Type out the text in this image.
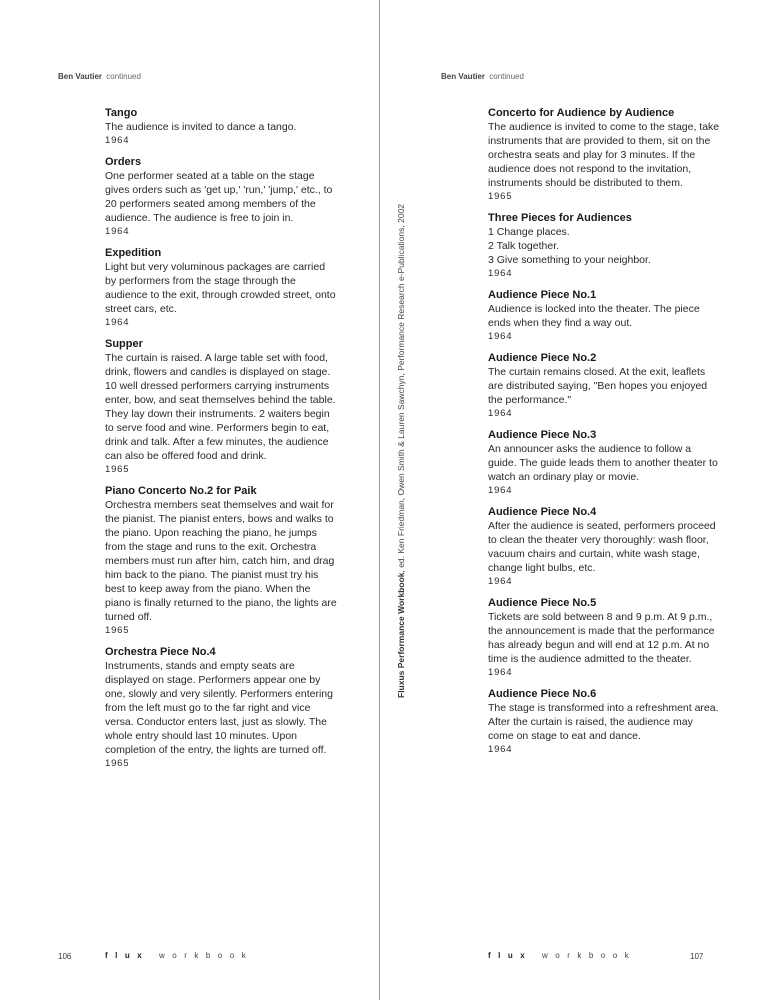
Ben Vautier continued	Ben Vautier continued
Tango
The audience is invited to dance a tango.
1964
Orders
One performer seated at a table on the stage gives orders such as 'get up,' 'run,' 'jump,' etc., to 20 performers seated among members of the audience. The audience is free to join in.
1964
Expedition
Light but very voluminous packages are carried by performers from the stage through the audience to the exit, through crowded street, onto street cars, etc.
1964
Supper
The curtain is raised. A large table set with food, drink, flowers and candles is displayed on stage. 10 well dressed performers carrying instruments enter, bow, and seat themselves behind the table. They lay down their instruments. 2 waiters begin to serve food and wine. Performers begin to eat, drink and talk. After a few minutes, the audience can also be offered food and drink.
1965
Piano Concerto No.2 for Paik
Orchestra members seat themselves and wait for the pianist. The pianist enters, bows and walks to the piano. Upon reaching the piano, he jumps from the stage and runs to the exit. Orchestra members must run after him, catch him, and drag him back to the piano. The pianist must try his best to keep away from the piano. When the piano is finally returned to the piano, the lights are turned off.
1965
Orchestra Piece No.4
Instruments, stands and empty seats are displayed on stage. Performers appear one by one, slowly and very silently. Performers entering from the left must go to the far right and vice versa. Conductor enters last, just as slowly. The whole entry should last 10 minutes. Upon completion of the entry, the lights are turned off.
1965
Fluxus Performance Workbook, ed. Ken Friedman, Owen Smith & Lauren Sawchyn, Performance Research e-Publications, 2002
Concerto for Audience by Audience
The audience is invited to come to the stage, take instruments that are provided to them, sit on the orchestra seats and play for 3 minutes. If the audience does not respond to the invitation, instruments should be distributed to them.
1965
Three Pieces for Audiences
1 Change places.
2 Talk together.
3 Give something to your neighbor.
1964
Audience Piece No.1
Audience is locked into the theater. The piece ends when they find a way out.
1964
Audience Piece No.2
The curtain remains closed. At the exit, leaflets are distributed saying, "Ben hopes you enjoyed the performance."
1964
Audience Piece No.3
An announcer asks the audience to follow a guide. The guide leads them to another theater to watch an ordinary play or movie.
1964
Audience Piece No.4
After the audience is seated, performers proceed to clean the theater very thoroughly: wash floor, vacuum chairs and curtain, white wash stage, change light bulbs, etc.
1964
Audience Piece No.5
Tickets are sold between 8 and 9 p.m. At 9 p.m., the announcement is made that the performance has already begun and will end at 12 p.m. At no time is the audience admitted to the theater.
1964
Audience Piece No.6
The stage is transformed into a refreshment area. After the curtain is raised, the audience may come on stage to eat and dance.
1964
106	flux workbook	flux workbook	107
